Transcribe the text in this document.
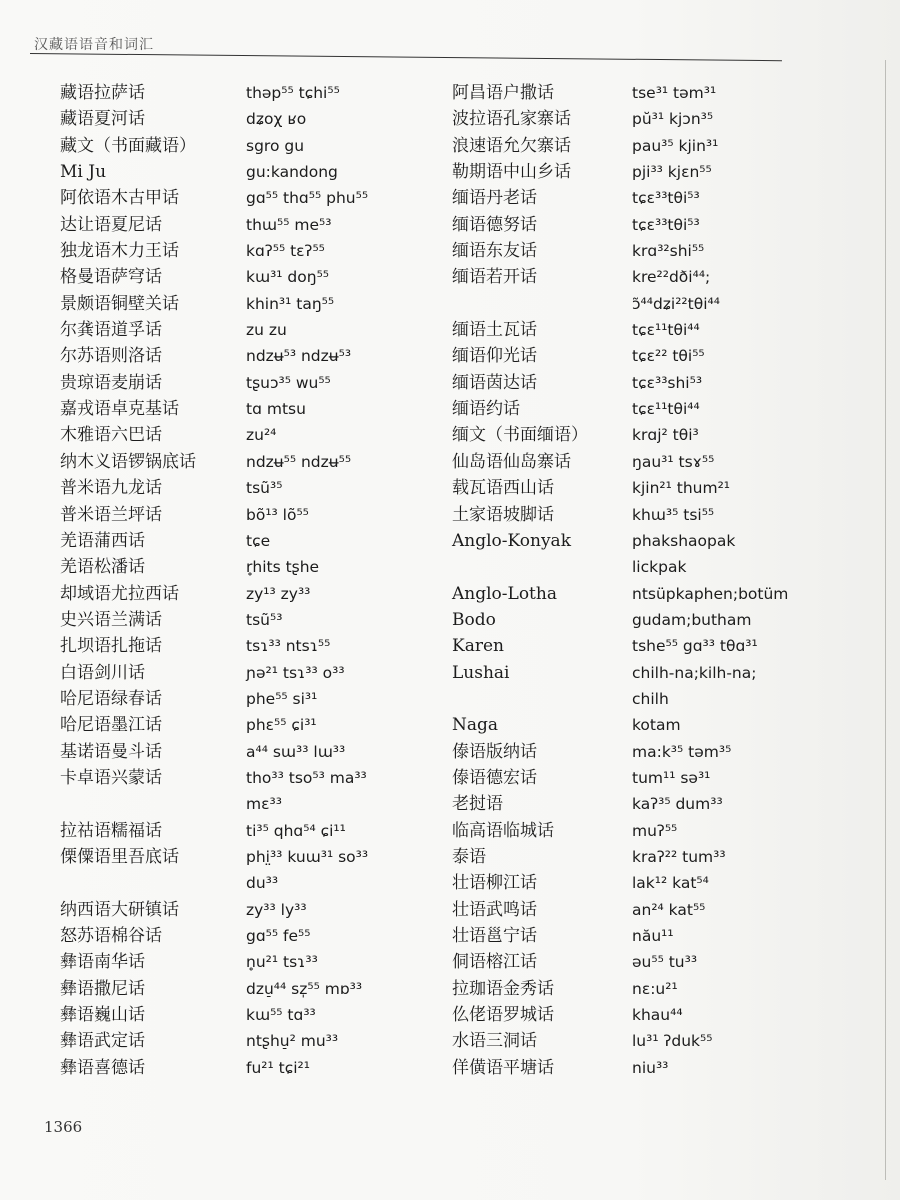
汉藏语语音和词汇
藏语拉萨话
藏语夏河话
藏文（书面藏语）
Mi Ju
阿依语木古甲话
达让语夏尼话
独龙语木力王话
格曼语萨穹话
景颇语铜壁关话
尔龚语道孚话
尔苏语则洛话
贵琼语麦崩话
嘉戎语卓克基话
木雅语六巴话
纳木义语锣锅底话
普米语九龙话
普米语兰坪话
羌语蒲西话
羌语松潘话
却域语尤拉西话
史兴语兰满话
扎坝语扎拖话
白语剑川话
哈尼语绿春话
哈尼语墨江话
基诺语曼斗话
卡卓语兴蒙话
拉祜语糯福话
傈僳语里吾底话
纳西语大研镇话
怒苏语棉谷话
彝语南华话
彝语撒尼话
彝语巍山话
彝语武定话
彝语喜德话
thəp⁵⁵ tɕhi⁵⁵
dʑoχ ʁo
sgro gu
gu:kandong
gɑ⁵⁵ thɑ⁵⁵ phu⁵⁵
thɯ⁵⁵ me⁵³
kɑʔ⁵⁵ tɛʔ⁵⁵
kɯ³¹ doŋ⁵⁵
khin³¹ taŋ⁵⁵
zu zu
ndzʉ⁵³ ndzʉ⁵³
tʂuɔ³⁵ wu⁵⁵
tɑ mtsu
zu²⁴
ndzʉ⁵⁵ ndzʉ⁵⁵
tsũ³⁵
bõ¹³ lõ⁵⁵
tɕe
r̥hits tʂhe
zy¹³ zy³³
tsũ⁵³
tsɿ³³ ntsɿ⁵⁵
ɲə²¹ tsɿ³³ o³³
phe⁵⁵ si³¹
phɛ⁵⁵ ɕi³¹
a⁴⁴ sɯ³³ lɯ³³
tho³³ tso⁵³ ma³³
mɛ³³
ti³⁵ qhɑ⁵⁴ ɕi¹¹
phi̤³³ kuɯ³¹ so³³
du³³
zy³³ ly³³
gɑ⁵⁵ fe⁵⁵
n̥u²¹ tsɿ³³
dzu̠⁴⁴ sz̩⁵⁵ mɒ³³
kɯ⁵⁵ tɑ³³
ntʂhu̠² mu³³
fu²¹ tɕi²¹
阿昌语户撒话
波拉语孔家寨话
浪速语允欠寨话
勒期语中山乡话
缅语丹老话
缅语德努话
缅语东友话
缅语若开话
缅语土瓦话
缅语仰光话
缅语茵达话
缅语约话
缅文（书面缅语）
仙岛语仙岛寨话
载瓦语西山话
土家语坡脚话
Anglo-Konyak
Anglo-Lotha
Bodo
Karen
Lushai
Naga
傣语版纳话
傣语德宏话
老挝语
临高语临城话
泰语
壮语柳江话
壮语武鸣话
壮语邕宁话
侗语榕江话
拉珈语金秀话
仫佬语罗城话
水语三洞话
佯僙语平塘话
tse³¹ təm³¹
pŭ³¹ kjɔn³⁵
pau³⁵ kjin³¹
pji³³ kjɛn⁵⁵
tɕɛ³³tθi⁵³
tɕɛ³³tθi⁵³
krɑ³²shi⁵⁵
kre²²dði⁴⁴;
ɔ̃⁴⁴dʑi²²tθi⁴⁴
tɕɛ¹¹tθi⁴⁴
tɕɛ²² tθi⁵⁵
tɕɛ³³shi⁵³
tɕɛ¹¹tθi⁴⁴
krɑj² tθi³
ŋau³¹ tsɤ⁵⁵
kjin²¹ thum²¹
khɯ³⁵ tsi⁵⁵
phakshaopak
lickpak
ntsüpkaphen;botüm
gudam;butham
tshe⁵⁵ gɑ³³ tθɑ³¹
chilh-na;kilh-na;
chilh
kotam
ma:k³⁵ təm³⁵
tum¹¹ sə³¹
kaʔ³⁵ dum³³
muʔ⁵⁵
kraʔ²² tum³³
lak¹² kat⁵⁴
an²⁴ kat⁵⁵
nău¹¹
əu⁵⁵ tu³³
nɛ:u²¹
khau⁴⁴
lu³¹ ʔduk⁵⁵
niu³³
1366
